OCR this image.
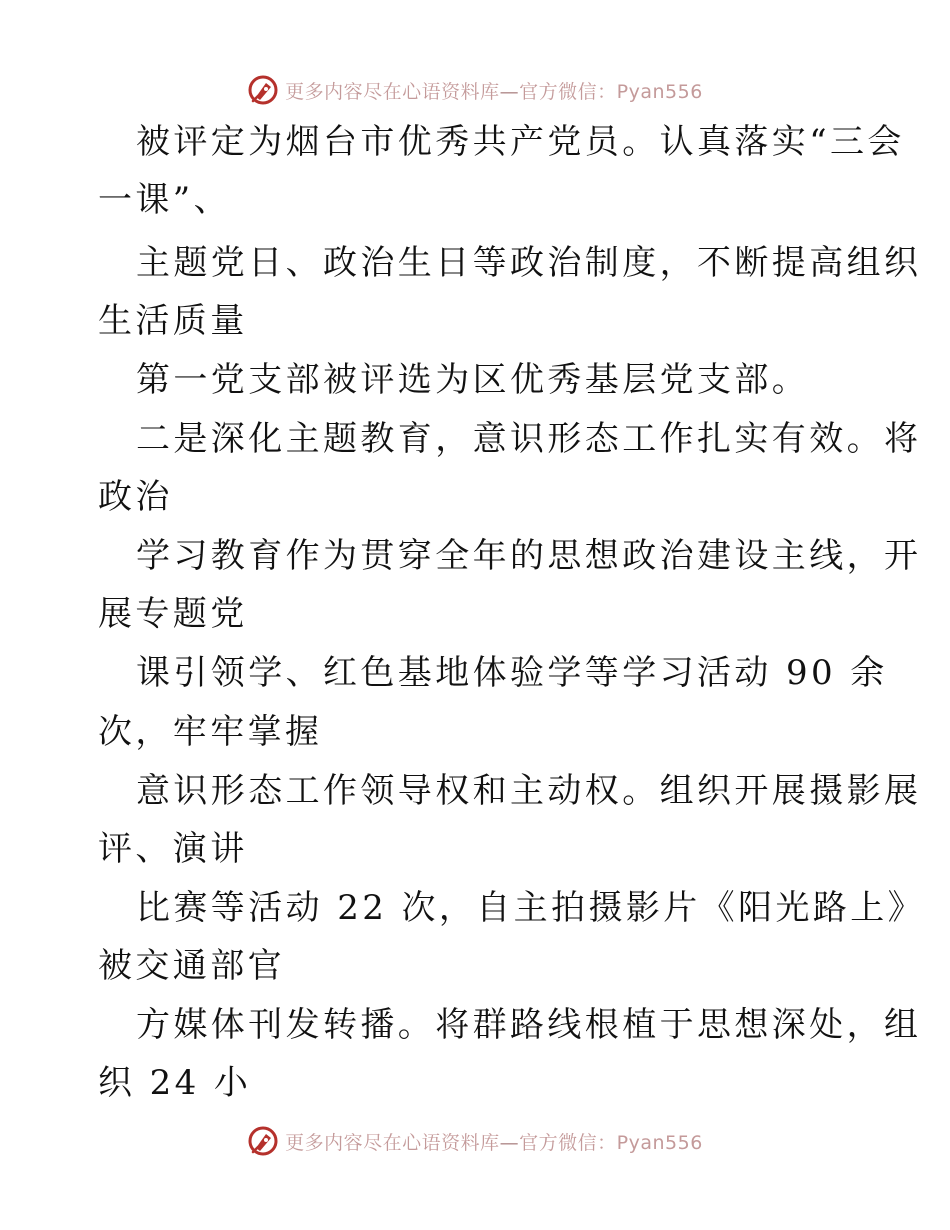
更多内容尽在心语资料库—官方微信：Pyan556
被评定为烟台市优秀共产党员。认真落实“三会
一课”、
主题党日、政治生日等政治制度，不断提高组织
生活质量
第一党支部被评选为区优秀基层党支部。
二是深化主题教育，意识形态工作扎实有效。将
政治
学习教育作为贯穿全年的思想政治建设主线，开
展专题党
课引领学、红色基地体验学等学习活动 90 余
次，牢牢掌握
意识形态工作领导权和主动权。组织开展摄影展
评、演讲
比赛等活动 22 次，自主拍摄影片《阳光路上》
被交通部官
方媒体刊发转播。将群路线根植于思想深处，组
织 24 小
更多内容尽在心语资料库—官方微信：Pyan556
